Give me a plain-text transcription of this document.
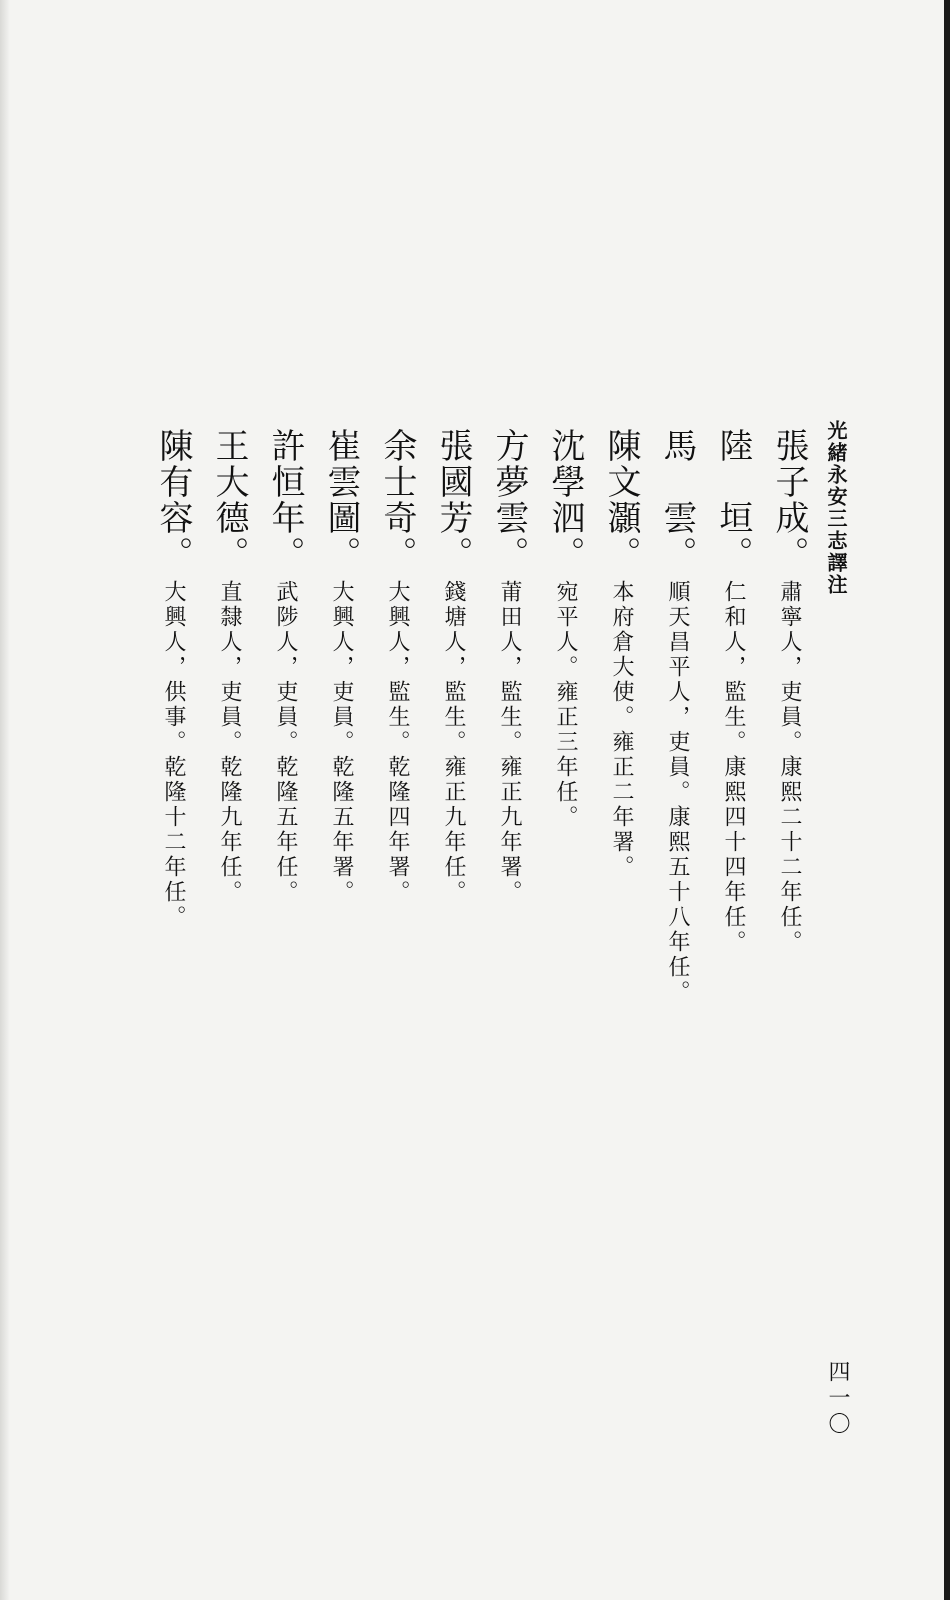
光緒永安三志譯注
張子成。肅寧人，吏員。康熙二十二年任。
陸　垣。仁和人，監生。康熙四十四年任。
馬　雲。順天昌平人，吏員。康熙五十八年任。
陳文灝。本府倉大使。雍正二年署。
沈學泗。宛平人。雍正三年任。
方夢雲。莆田人，監生。雍正九年署。
張國芳。錢塘人，監生。雍正九年任。
余士奇。大興人，監生。乾隆四年署。
崔雲圖。大興人，吏員。乾隆五年署。
許恒年。武陟人，吏員。乾隆五年任。
王大德。直隸人，吏員。乾隆九年任。
陳有容。大興人，供事。乾隆十二年任。
四一〇
